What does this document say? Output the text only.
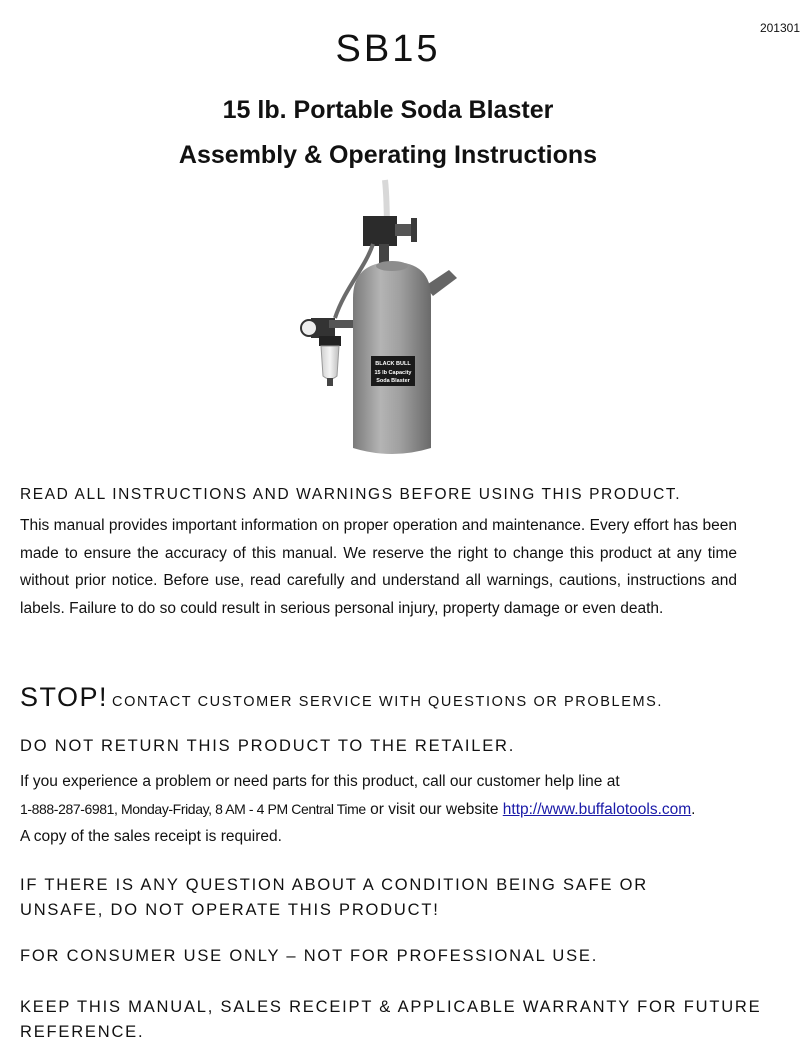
201301
SB15
15 lb. Portable Soda Blaster
Assembly & Operating Instructions
BLACK BULL
15 lb Capacity
Soda Blaster
READ ALL INSTRUCTIONS AND WARNINGS BEFORE USING THIS PRODUCT.

This manual provides important information on proper operation and maintenance. Every effort has been made to ensure the accuracy of this manual. We reserve the right to change this product at any time without prior notice. Before use, read carefully and understand all warnings, cautions, instructions and labels. Failure to do so could result in serious personal injury, property damage or even death.

STOP! CONTACT CUSTOMER SERVICE WITH QUESTIONS OR PROBLEMS.
DO NOT RETURN THIS PRODUCT TO THE RETAILER.
If you experience a problem or need parts for this product, call our customer help line at
1-888-287-6981, Monday-Friday, 8 AM - 4 PM Central Time or visit our website http://www.buffalotools.com.
A copy of the sales receipt is required.
IF THERE IS ANY QUESTION ABOUT A CONDITION BEING SAFE OR
UNSAFE, DO NOT OPERATE THIS PRODUCT!
FOR CONSUMER USE ONLY – NOT FOR PROFESSIONAL USE.
KEEP THIS MANUAL, SALES RECEIPT & APPLICABLE WARRANTY FOR FUTURE REFERENCE.
